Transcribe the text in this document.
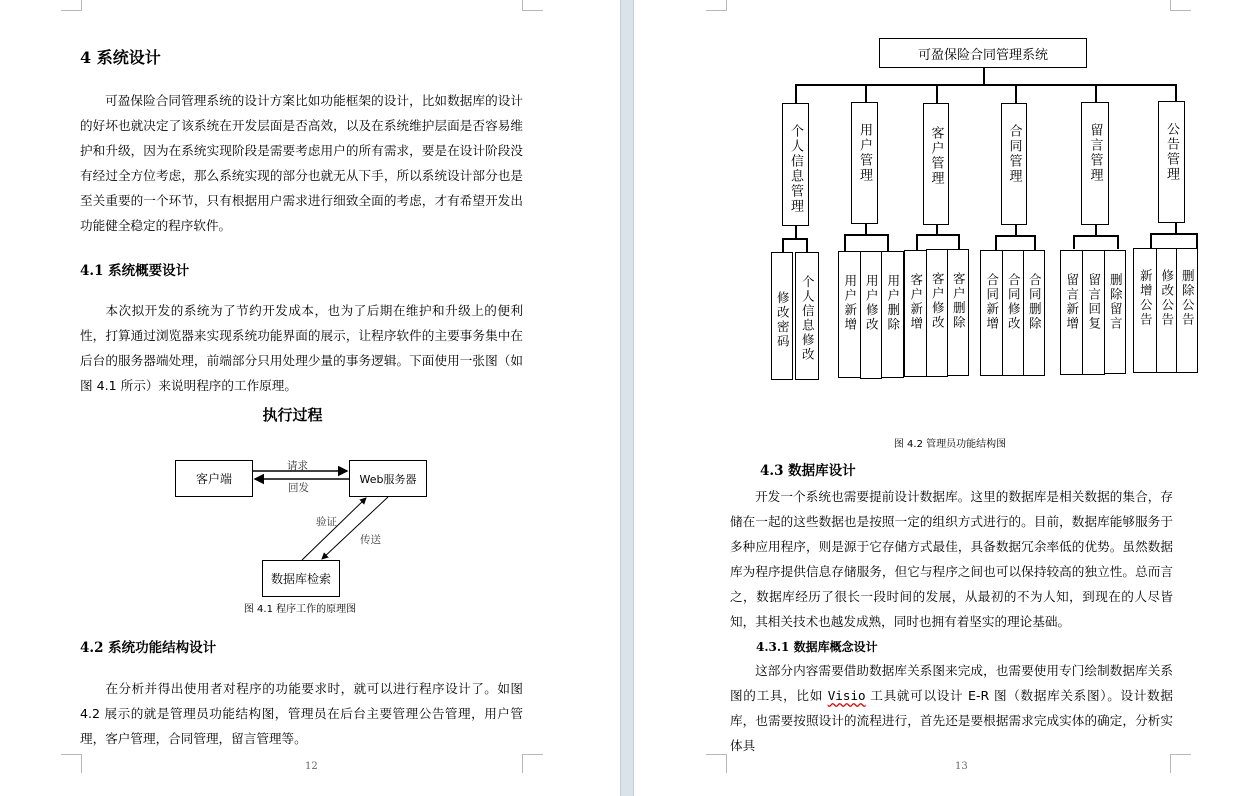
4 系统设计
可盈保险合同管理系统的设计方案比如功能框架的设计，比如数据库的设计的好坏也就决定了该系统在开发层面是否高效，以及在系统维护层面是否容易维护和升级，因为在系统实现阶段是需要考虑用户的所有需求，要是在设计阶段没有经过全方位考虑，那么系统实现的部分也就无从下手，所以系统设计部分也是至关重要的一个环节，只有根据用户需求进行细致全面的考虑，才有希望开发出功能健全稳定的程序软件。
4.1 系统概要设计
本次拟开发的系统为了节约开发成本，也为了后期在维护和升级上的便利性，打算通过浏览器来实现系统功能界面的展示，让程序软件的主要事务集中在后台的服务器端处理，前端部分只用处理少量的事务逻辑。下面使用一张图（如图 4.1 所示）来说明程序的工作原理。
执行过程
客户端	Web服务器
数据库检索
请求
回发
验证
传送
图 4.1 程序工作的原理图
4.2 系统功能结构设计
在分析并得出使用者对程序的功能要求时，就可以进行程序设计了。如图 4.2 展示的就是管理员功能结构图，管理员在后台主要管理公告管理，用户管理，客户管理，合同管理，留言管理等。
12
可盈保险合同管理系统
个人信息管理	用户管理	客户管理	合同管理	留言管理	公告管理
修改密码 个人信息修改 用户新增 用户修改 用户删除 客户新增 客户修改 客户删除 合同新增 合同修改 合同删除 留言新增 留言回复 删除留言 新增公告 修改公告 删除公告
图 4.2 管理员功能结构图
4.3 数据库设计
开发一个系统也需要提前设计数据库。这里的数据库是相关数据的集合，存储在一起的这些数据也是按照一定的组织方式进行的。目前，数据库能够服务于多种应用程序，则是源于它存储方式最佳，具备数据冗余率低的优势。虽然数据库为程序提供信息存储服务，但它与程序之间也可以保持较高的独立性。总而言之，数据库经历了很长一段时间的发展，从最初的不为人知，到现在的人尽皆知，其相关技术也越发成熟，同时也拥有着坚实的理论基础。
4.3.1 数据库概念设计
这部分内容需要借助数据库关系图来完成，也需要使用专门绘制数据库关系图的工具，比如 Visio 工具就可以设计 E-R 图（数据库关系图）。设计数据库，也需要按照设计的流程进行，首先还是要根据需求完成实体的确定，分析实体具
13
